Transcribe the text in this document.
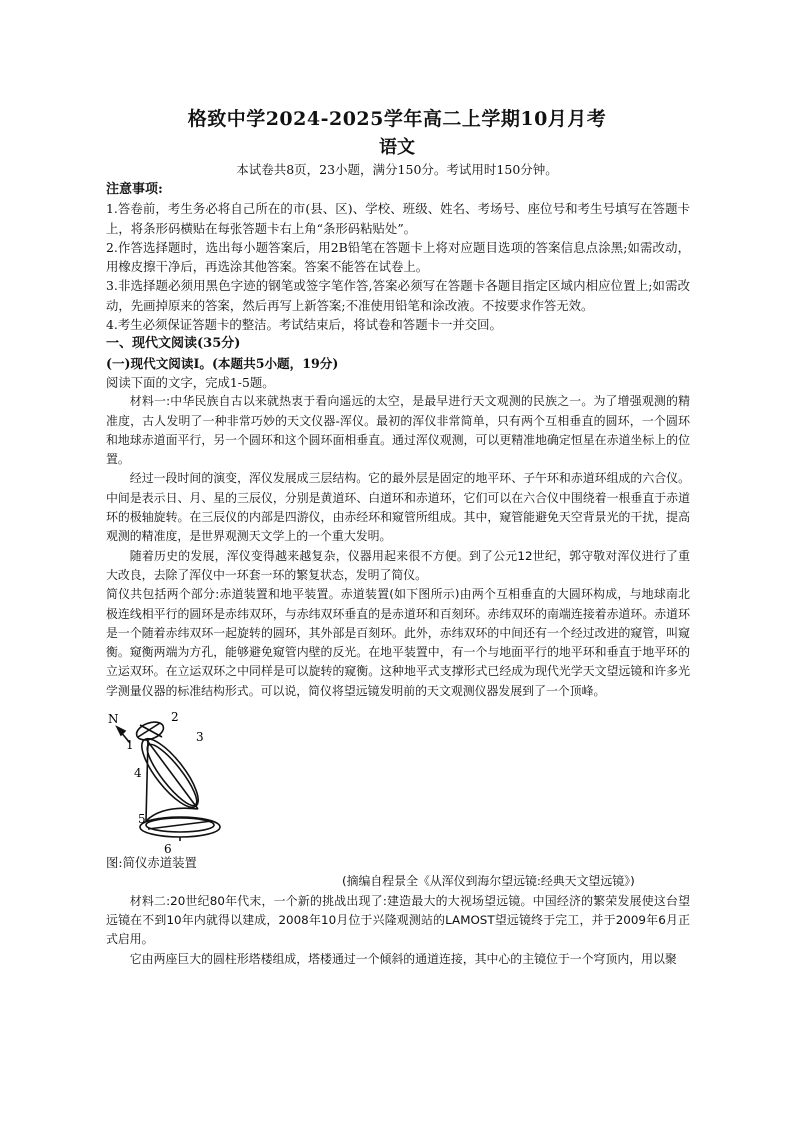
格致中学2024-2025学年高二上学期10月月考
语文
本试卷共8页，23小题，满分150分。考试用时150分钟。

注意事项:

1.答卷前，考生务必将自己所在的市(县、区)、学校、班级、姓名、考场号、座位号和考生号填写在答题卡上，将条形码横贴在每张答题卡右上角“条形码粘贴处”。

2.作答选择题时，选出每小题答案后，用2B铅笔在答题卡上将对应题目选项的答案信息点涂黑;如需改动，用橡皮擦干净后，再选涂其他答案。答案不能答在试卷上。

3.非选择题必须用黑色字迹的钢笔或签字笔作答,答案必须写在答题卡各题目指定区域内相应位置上;如需改动，先画掉原来的答案，然后再写上新答案;不准使用铅笔和涂改液。不按要求作答无效。

4.考生必须保证答题卡的整洁。考试结束后，将试卷和答题卡一并交回。

一、现代文阅读(35分)

(一)现代文阅读Ⅰ。(本题共5小题，19分)

阅读下面的文字，完成1-5题。

材料一:中华民族自古以来就热衷于看向遥远的太空，是最早进行天文观测的民族之一。为了增强观测的精准度，古人发明了一种非常巧妙的天文仪器-浑仪。最初的浑仪非常简单，只有两个互相垂直的圆环，一个圆环和地球赤道面平行，另一个圆环和这个圆环面相垂直。通过浑仪观测，可以更精准地确定恒星在赤道坐标上的位置。

经过一段时间的演变，浑仪发展成三层结构。它的最外层是固定的地平环、子午环和赤道环组成的六合仪。中间是表示日、月、星的三辰仪，分别是黄道环、白道环和赤道环，它们可以在六合仪中围绕着一根垂直于赤道环的极轴旋转。在三辰仪的内部是四游仪，由赤经环和窥管所组成。其中，窥管能避免天空背景光的干扰，提高观测的精准度，是世界观测天文学上的一个重大发明。

随着历史的发展，浑仪变得越来越复杂，仪器用起来很不方便。到了公元12世纪，郭守敬对浑仪进行了重大改良，去除了浑仪中一环套一环的繁复状态，发明了简仪。

简仪共包括两个部分:赤道装置和地平装置。赤道装置(如下图所示)由两个互相垂直的大圆环构成，与地球南北极连线相平行的圆环是赤纬双环，与赤纬双环垂直的是赤道环和百刻环。赤纬双环的南端连接着赤道环。赤道环是一个随着赤纬双环一起旋转的圆环，其外部是百刻环。此外，赤纬双环的中间还有一个经过改进的窥管，叫窥衡。窥衡两端为方孔，能够避免窥管内壁的反光。在地平装置中，有一个与地面平行的地平环和垂直于地平环的立运双环。在立运双环之中同样是可以旋转的窥衡。这种地平式支撑形式已经成为现代光学天文望远镜和许多光学测量仪器的标准结构形式。可以说，简仪将望远镜发明前的天文观测仪器发展到了一个顶峰。

N
1
2
3
4
5
6

图:简仪赤道装置

(摘编自程景全《从浑仪到海尔望远镜:经典天文望远镜》)

材料二:20世纪80年代末，一个新的挑战出现了:建造最大的大视场望远镜。中国经济的繁荣发展使这台望远镜在不到10年内就得以建成，2008年10月位于兴隆观测站的LAMOST望远镜终于完工，并于2009年6月正式启用。

它由两座巨大的圆柱形塔楼组成，塔楼通过一个倾斜的通道连接，其中心的主镜位于一个穹顶内，用以聚
